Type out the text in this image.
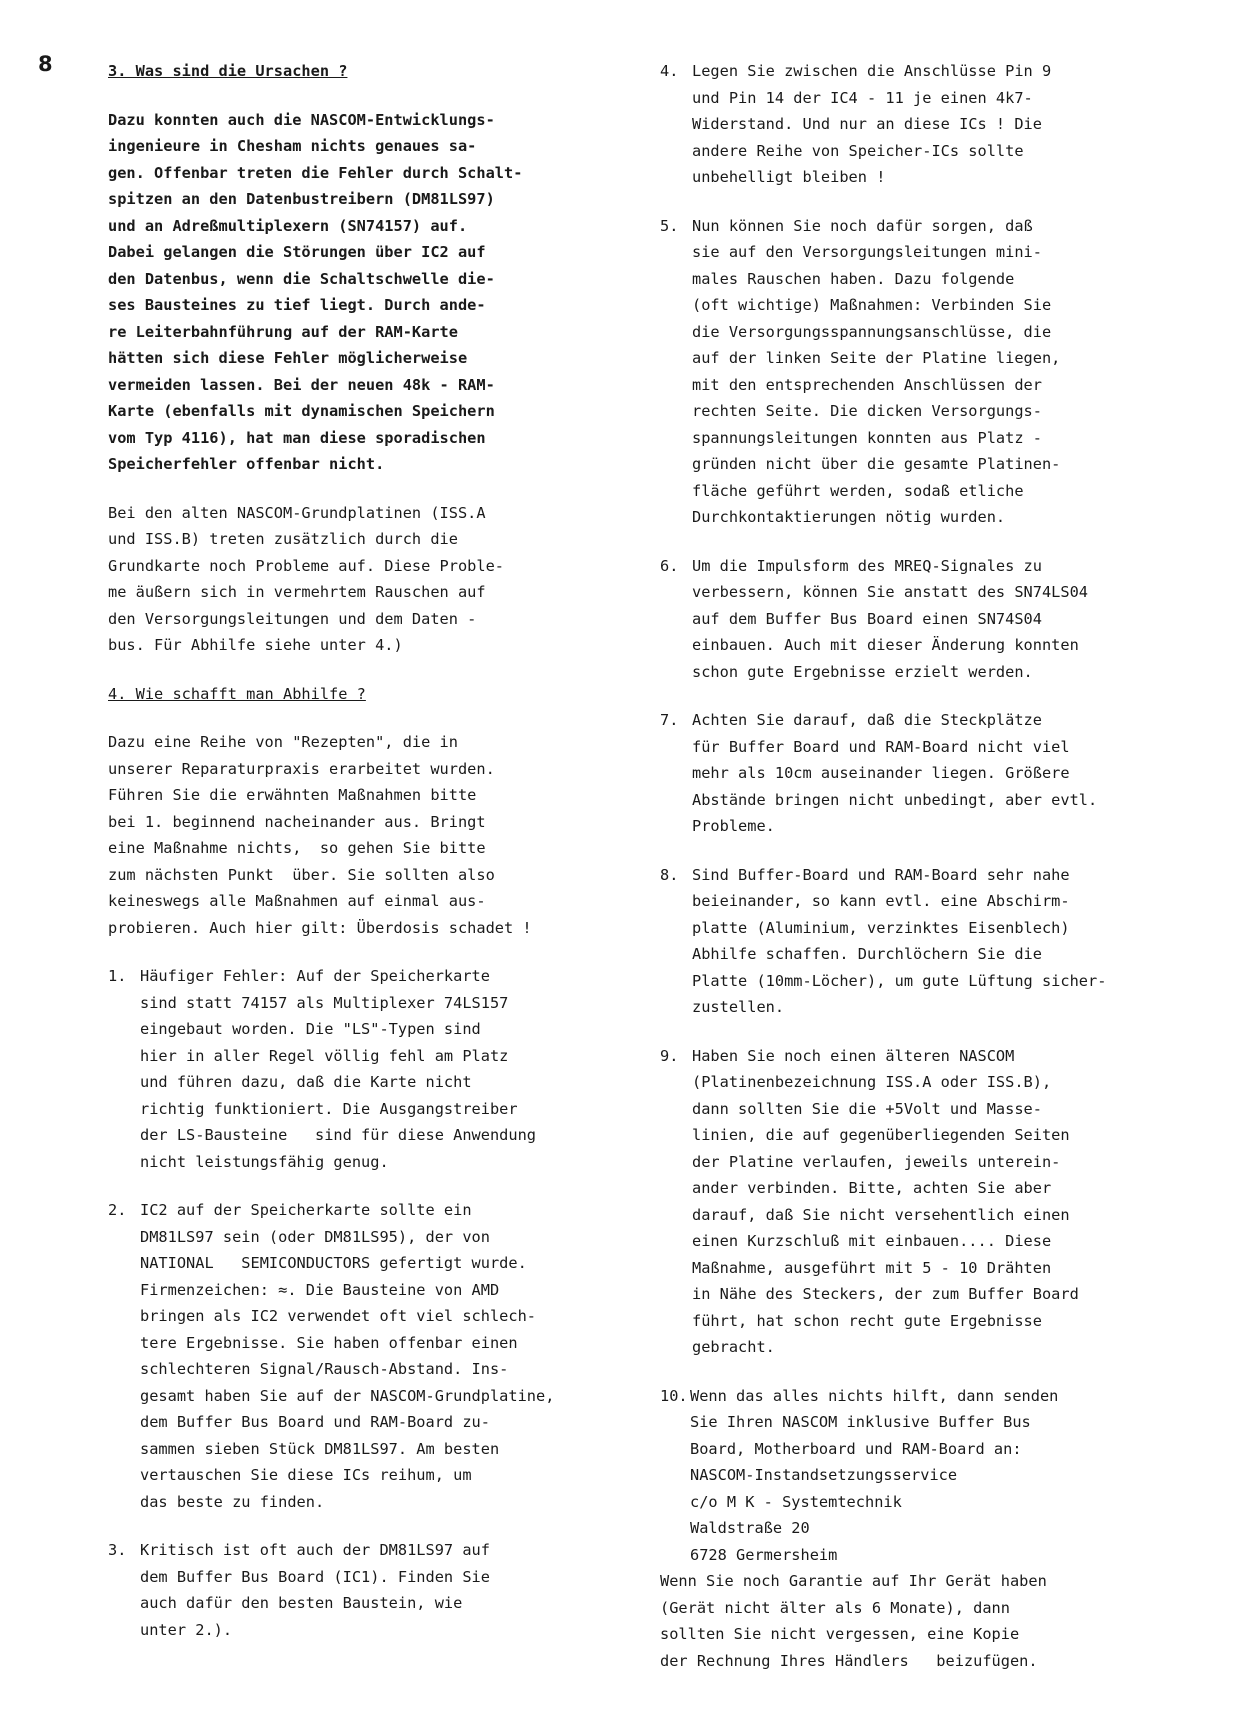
8	3. Was sind die Ursachen ?
Dazu konnten auch die NASCOM-Entwicklungs-
ingenieure in Chesham nichts genaues sa-
gen. Offenbar treten die Fehler durch Schalt-
spitzen an den Datenbustreibern (DM81LS97)
und an Adreßmultiplexern (SN74157) auf.
Dabei gelangen die Störungen über IC2 auf
den Datenbus, wenn die Schaltschwelle die-
ses Bausteines zu tief liegt. Durch ande-
re Leiterbahnführung auf der RAM-Karte
hätten sich diese Fehler möglicherweise
vermeiden lassen. Bei der neuen 48k - RAM-
Karte (ebenfalls mit dynamischen Speichern
vom Typ 4116), hat man diese sporadischen
Speicherfehler offenbar nicht.
Bei den alten NASCOM-Grundplatinen (ISS.A
und ISS.B) treten zusätzlich durch die
Grundkarte noch Probleme auf. Diese Proble-
me äußern sich in vermehrtem Rauschen auf
den Versorgungsleitungen und dem Daten -
bus. Für Abhilfe siehe unter 4.)
4. Wie schafft man Abhilfe ?
Dazu eine Reihe von "Rezepten", die in
unserer Reparaturpraxis erarbeitet wurden.
Führen Sie die erwähnten Maßnahmen bitte
bei 1. beginnend nacheinander aus. Bringt
eine Maßnahme nichts,  so gehen Sie bitte
zum nächsten Punkt  über. Sie sollten also
keineswegs alle Maßnahmen auf einmal aus-
probieren. Auch hier gilt: Überdosis schadet !
1. Häufiger Fehler: Auf der Speicherkarte
sind statt 74157 als Multiplexer 74LS157
eingebaut worden. Die "LS"-Typen sind
hier in aller Regel völlig fehl am Platz
und führen dazu, daß die Karte nicht
richtig funktioniert. Die Ausgangstreiber
der LS-Bausteine   sind für diese Anwendung
nicht leistungsfähig genug.
2. IC2 auf der Speicherkarte sollte ein
DM81LS97 sein (oder DM81LS95), der von
NATIONAL   SEMICONDUCTORS gefertigt wurde.
Firmenzeichen: ≈. Die Bausteine von AMD
bringen als IC2 verwendet oft viel schlech-
tere Ergebnisse. Sie haben offenbar einen
schlechteren Signal/Rausch-Abstand. Ins-
gesamt haben Sie auf der NASCOM-Grundplatine,
dem Buffer Bus Board und RAM-Board zu-
sammen sieben Stück DM81LS97. Am besten
vertauschen Sie diese ICs reihum, um
das beste zu finden.
3. Kritisch ist oft auch der DM81LS97 auf
dem Buffer Bus Board (IC1). Finden Sie
auch dafür den besten Baustein, wie
unter 2.).
4. Legen Sie zwischen die Anschlüsse Pin 9
und Pin 14 der IC4 - 11 je einen 4k7-
Widerstand. Und nur an diese ICs ! Die
andere Reihe von Speicher-ICs sollte
unbehelligt bleiben !
5. Nun können Sie noch dafür sorgen, daß
sie auf den Versorgungsleitungen mini-
males Rauschen haben. Dazu folgende
(oft wichtige) Maßnahmen: Verbinden Sie
die Versorgungsspannungsanschlüsse, die
auf der linken Seite der Platine liegen,
mit den entsprechenden Anschlüssen der
rechten Seite. Die dicken Versorgungs-
spannungsleitungen konnten aus Platz -
gründen nicht über die gesamte Platinen-
fläche geführt werden, sodaß etliche
Durchkontaktierungen nötig wurden.
6. Um die Impulsform des MREQ-Signales zu
verbessern, können Sie anstatt des SN74LS04
auf dem Buffer Bus Board einen SN74S04
einbauen. Auch mit dieser Änderung konnten
schon gute Ergebnisse erzielt werden.
7. Achten Sie darauf, daß die Steckplätze
für Buffer Board und RAM-Board nicht viel
mehr als 10cm auseinander liegen. Größere
Abstände bringen nicht unbedingt, aber evtl.
Probleme.
8. Sind Buffer-Board und RAM-Board sehr nahe
beieinander, so kann evtl. eine Abschirm-
platte (Aluminium, verzinktes Eisenblech)
Abhilfe schaffen. Durchlöchern Sie die
Platte (10mm-Löcher), um gute Lüftung sicher-
zustellen.
9. Haben Sie noch einen älteren NASCOM
(Platinenbezeichnung ISS.A oder ISS.B),
dann sollten Sie die +5Volt und Masse-
linien, die auf gegenüberliegenden Seiten
der Platine verlaufen, jeweils unterein-
ander verbinden. Bitte, achten Sie aber
darauf, daß Sie nicht versehentlich einen
einen Kurzschluß mit einbauen.... Diese
Maßnahme, ausgeführt mit 5 - 10 Drähten
in Nähe des Steckers, der zum Buffer Board
führt, hat schon recht gute Ergebnisse
gebracht.
10. Wenn das alles nichts hilft, dann senden
Sie Ihren NASCOM inklusive Buffer Bus
Board, Motherboard und RAM-Board an:
NASCOM-Instandsetzungsservice
c/o M K - Systemtechnik
Waldstraße 20
6728 Germersheim
Wenn Sie noch Garantie auf Ihr Gerät haben
(Gerät nicht älter als 6 Monate), dann
sollten Sie nicht vergessen, eine Kopie
der Rechnung Ihres Händlers   beizufügen.
